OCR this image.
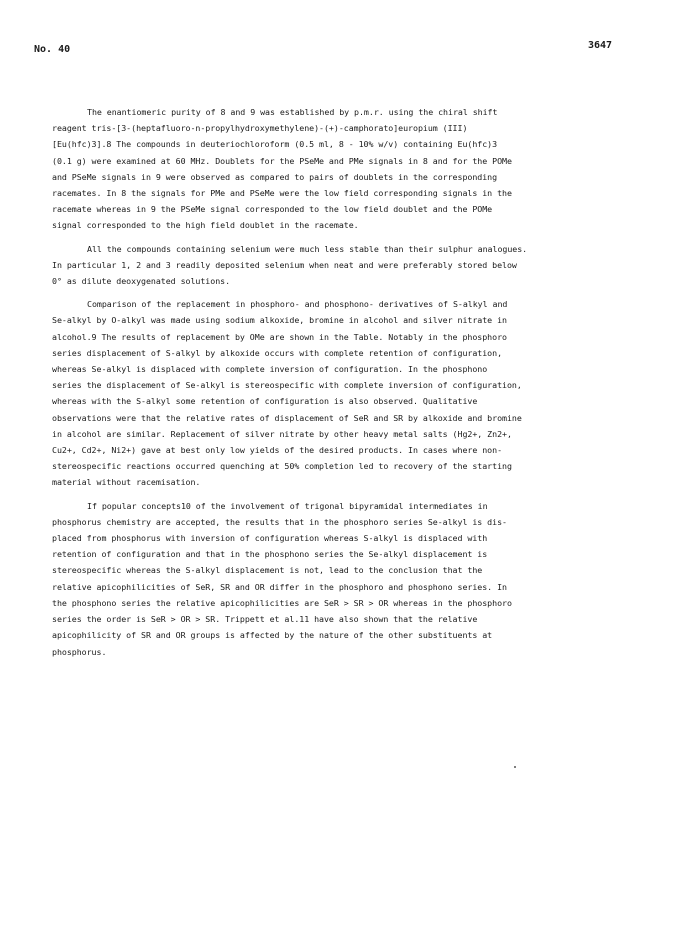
No. 40	3647
The enantiomeric purity of 8 and 9 was established by p.m.r. using the chiral shift
reagent tris-[3-(heptafluoro-n-propylhydroxymethylene)-(+)-camphorato]europium (III)
[Eu(hfc)3].8 The compounds in deuteriochloroform (0.5 ml, 8 - 10% w/v) containing Eu(hfc)3
(0.1 g) were examined at 60 MHz. Doublets for the PSeMe and PMe signals in 8 and for the POMe
and PSeMe signals in 9 were observed as compared to pairs of doublets in the corresponding
racemates. In 8 the signals for PMe and PSeMe were the low field corresponding signals in the
racemate whereas in 9 the PSeMe signal corresponded to the low field doublet and the POMe
signal corresponded to the high field doublet in the racemate.
All the compounds containing selenium were much less stable than their sulphur analogues.
In particular 1, 2 and 3 readily deposited selenium when neat and were preferably stored below
0° as dilute deoxygenated solutions.
Comparison of the replacement in phosphoro- and phosphono- derivatives of S-alkyl and
Se-alkyl by O-alkyl was made using sodium alkoxide, bromine in alcohol and silver nitrate in
alcohol.9 The results of replacement by OMe are shown in the Table. Notably in the phosphoro
series displacement of S-alkyl by alkoxide occurs with complete retention of configuration,
whereas Se-alkyl is displaced with complete inversion of configuration. In the phosphono
series the displacement of Se-alkyl is stereospecific with complete inversion of configuration,
whereas with the S-alkyl some retention of configuration is also observed. Qualitative
observations were that the relative rates of displacement of SeR and SR by alkoxide and bromine
in alcohol are similar. Replacement of silver nitrate by other heavy metal salts (Hg2+, Zn2+,
Cu2+, Cd2+, Ni2+) gave at best only low yields of the desired products. In cases where non-
stereospecific reactions occurred quenching at 50% completion led to recovery of the starting
material without racemisation.
If popular concepts10 of the involvement of trigonal bipyramidal intermediates in
phosphorus chemistry are accepted, the results that in the phosphoro series Se-alkyl is dis-
placed from phosphorus with inversion of configuration whereas S-alkyl is displaced with
retention of configuration and that in the phosphono series the Se-alkyl displacement is
stereospecific whereas the S-alkyl displacement is not, lead to the conclusion that the
relative apicophilicities of SeR, SR and OR differ in the phosphoro and phosphono series. In
the phosphono series the relative apicophilicities are SeR > SR > OR whereas in the phosphoro
series the order is SeR > OR > SR. Trippett et al.11 have also shown that the relative
apicophilicity of SR and OR groups is affected by the nature of the other substituents at
phosphorus.
